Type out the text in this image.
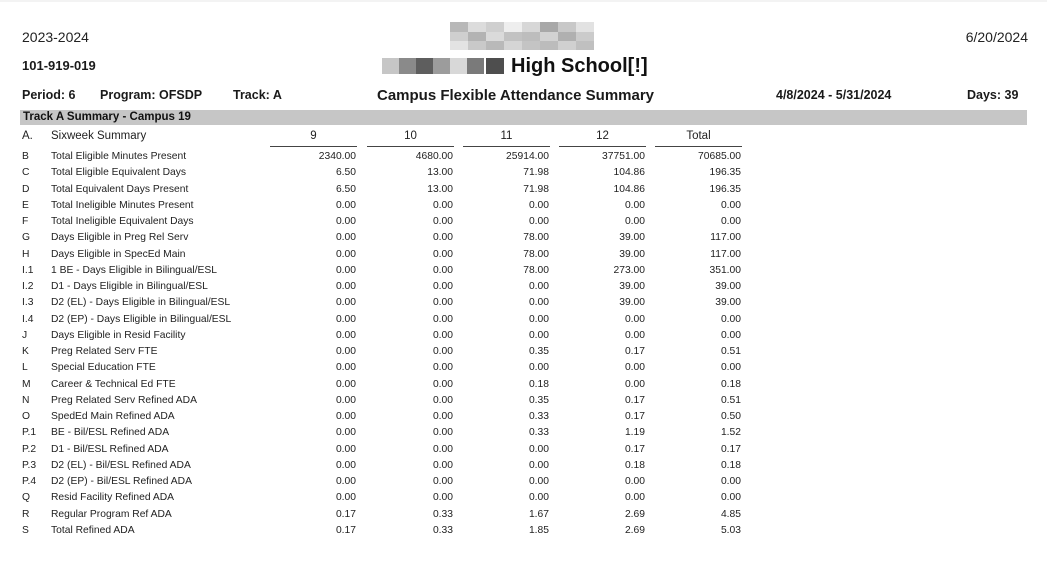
2023-2024	6/20/2024
101-919-019	High School[!]
Period: 6 Program: OFSDP Track: A	Campus Flexible Attendance Summary	4/8/2024 - 5/31/2024	Days: 39
Track A Summary - Campus 19
A. Sixweek Summary	9	10	11	12	Total
B Total Eligible Minutes Present	2340.00	4680.00	25914.00	37751.00	70685.00
C Total Eligible Equivalent Days	6.50	13.00	71.98	104.86	196.35
D Total Equivalent Days Present	6.50	13.00	71.98	104.86	196.35
E Total Ineligible Minutes Present	0.00	0.00	0.00	0.00	0.00
F Total Ineligible Equivalent Days	0.00	0.00	0.00	0.00	0.00
G Days Eligible in Preg Rel Serv	0.00	0.00	78.00	39.00	117.00
H Days Eligible in SpecEd Main	0.00	0.00	78.00	39.00	117.00
I.1 1 BE - Days Eligible in Bilingual/ESL	0.00	0.00	78.00	273.00	351.00
I.2 D1 - Days Eligible in Bilingual/ESL	0.00	0.00	0.00	39.00	39.00
I.3 D2 (EL) - Days Eligible in Bilingual/ESL	0.00	0.00	0.00	39.00	39.00
I.4 D2 (EP) - Days Eligible in Bilingual/ESL	0.00	0.00	0.00	0.00	0.00
J Days Eligible in Resid Facility	0.00	0.00	0.00	0.00	0.00
K Preg Related Serv FTE	0.00	0.00	0.35	0.17	0.51
L Special Education FTE	0.00	0.00	0.00	0.00	0.00
M Career & Technical Ed FTE	0.00	0.00	0.18	0.00	0.18
N Preg Related Serv Refined ADA	0.00	0.00	0.35	0.17	0.51
O SpedEd Main Refined ADA	0.00	0.00	0.33	0.17	0.50
P.1 BE - Bil/ESL Refined ADA	0.00	0.00	0.33	1.19	1.52
P.2 D1 - Bil/ESL Refined ADA	0.00	0.00	0.00	0.17	0.17
P.3 D2 (EL) - Bil/ESL Refined ADA	0.00	0.00	0.00	0.18	0.18
P.4 D2 (EP) - Bil/ESL Refined ADA	0.00	0.00	0.00	0.00	0.00
Q Resid Facility Refined ADA	0.00	0.00	0.00	0.00	0.00
R Regular Program Ref ADA	0.17	0.33	1.67	2.69	4.85
S Total Refined ADA	0.17	0.33	1.85	2.69	5.03
